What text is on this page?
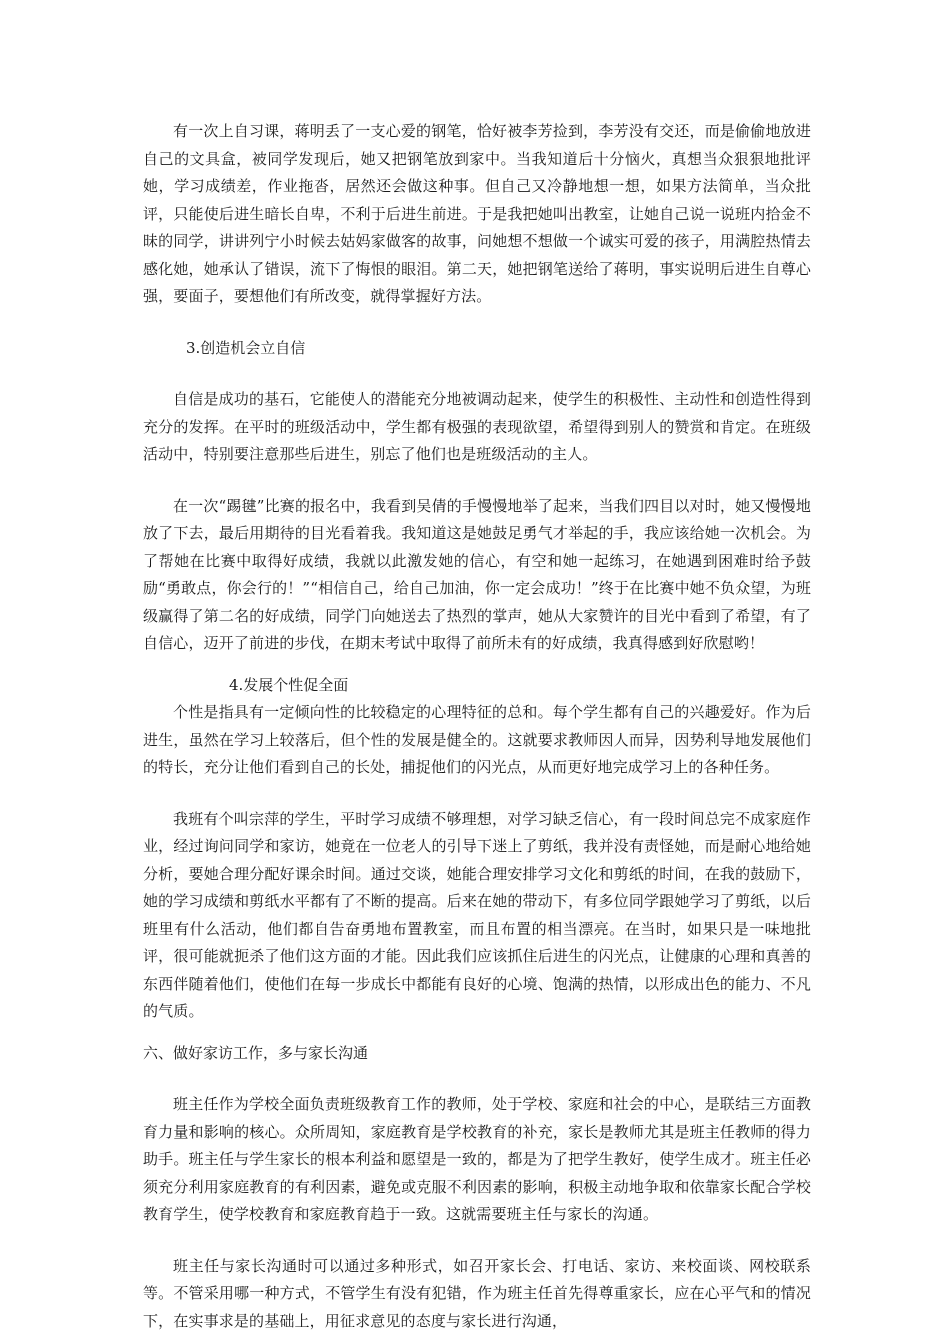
有一次上自习课，蒋明丢了一支心爱的钢笔，恰好被李芳捡到，李芳没有交还，而是偷偷地放进自己的文具盒，被同学发现后，她又把钢笔放到家中。当我知道后十分恼火，真想当众狠狠地批评她，学习成绩差，作业拖沓，居然还会做这种事。但自己又冷静地想一想，如果方法简单，当众批评，只能使后进生暗长自卑，不利于后进生前进。于是我把她叫出教室，让她自己说一说班内拾金不昧的同学，讲讲列宁小时候去姑妈家做客的故事，问她想不想做一个诚实可爱的孩子，用满腔热情去感化她，她承认了错误，流下了悔恨的眼泪。第二天，她把钢笔送给了蒋明，事实说明后进生自尊心强，要面子，要想他们有所改变，就得掌握好方法。

3.创造机会立自信

自信是成功的基石，它能使人的潜能充分地被调动起来，使学生的积极性、主动性和创造性得到充分的发挥。在平时的班级活动中，学生都有极强的表现欲望，希望得到别人的赞赏和肯定。在班级活动中，特别要注意那些后进生，别忘了他们也是班级活动的主人。

在一次“踢毽”比赛的报名中，我看到吴倩的手慢慢地举了起来，当我们四目以对时，她又慢慢地放了下去，最后用期待的目光看着我。我知道这是她鼓足勇气才举起的手，我应该给她一次机会。为了帮她在比赛中取得好成绩，我就以此激发她的信心，有空和她一起练习，在她遇到困难时给予鼓励“勇敢点，你会行的！”“相信自己，给自己加油，你一定会成功！”终于在比赛中她不负众望，为班级赢得了第二名的好成绩，同学门向她送去了热烈的掌声，她从大家赞许的目光中看到了希望，有了自信心，迈开了前进的步伐，在期末考试中取得了前所未有的好成绩，我真得感到好欣慰哟！

4.发展个性促全面

个性是指具有一定倾向性的比较稳定的心理特征的总和。每个学生都有自己的兴趣爱好。作为后进生，虽然在学习上较落后，但个性的发展是健全的。这就要求教师因人而异，因势利导地发展他们的特长，充分让他们看到自己的长处，捕捉他们的闪光点，从而更好地完成学习上的各种任务。

我班有个叫宗萍的学生，平时学习成绩不够理想，对学习缺乏信心，有一段时间总完不成家庭作业，经过询问同学和家访，她竟在一位老人的引导下迷上了剪纸，我并没有责怪她，而是耐心地给她分析，要她合理分配好课余时间。通过交谈，她能合理安排学习文化和剪纸的时间，在我的鼓励下，她的学习成绩和剪纸水平都有了不断的提高。后来在她的带动下，有多位同学跟她学习了剪纸，以后班里有什么活动，他们都自告奋勇地布置教室，而且布置的相当漂亮。在当时，如果只是一味地批评，很可能就扼杀了他们这方面的才能。因此我们应该抓住后进生的闪光点，让健康的心理和真善的东西伴随着他们，使他们在每一步成长中都能有良好的心境、饱满的热情，以形成出色的能力、不凡的气质。

六、做好家访工作，多与家长沟通

班主任作为学校全面负责班级教育工作的教师，处于学校、家庭和社会的中心，是联结三方面教育力量和影响的核心。众所周知，家庭教育是学校教育的补充，家长是教师尤其是班主任教师的得力助手。班主任与学生家长的根本利益和愿望是一致的，都是为了把学生教好，使学生成才。班主任必须充分利用家庭教育的有利因素，避免或克服不利因素的影响，积极主动地争取和依靠家长配合学校教育学生，使学校教育和家庭教育趋于一致。这就需要班主任与家长的沟通。

班主任与家长沟通时可以通过多种形式，如召开家长会、打电话、家访、来校面谈、网校联系等。不管采用哪一种方式，不管学生有没有犯错，作为班主任首先得尊重家长，应在心平气和的情况下，在实事求是的基础上，用征求意见的态度与家长进行沟通，
